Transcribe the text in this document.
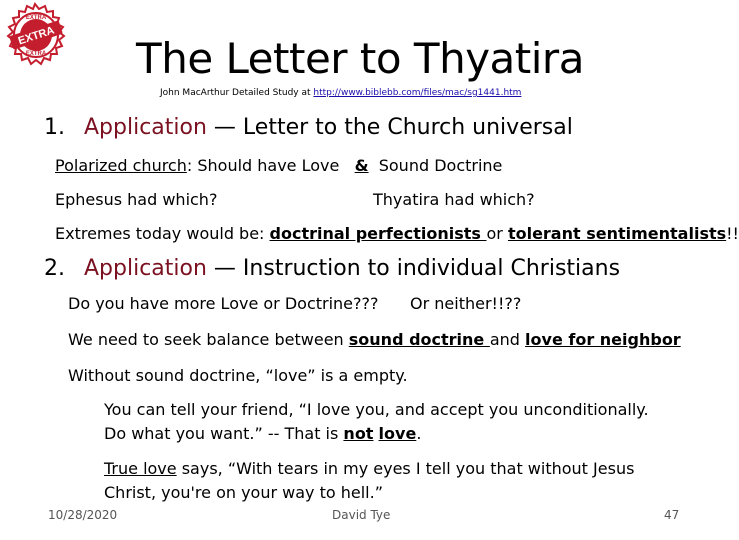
EXTRA
EXTRA
EXTRA	The Letter to Thyatira
John MacArthur Detailed Study at http://www.biblebb.com/files/mac/sg1441.htm
1. Application — Letter to the Church universal
Polarized church: Should have Love   &  Sound Doctrine
Ephesus had which?	Thyatira had which?
Extremes today would be: doctrinal perfectionists or tolerant sentimentalists!!
2. Application — Instruction to individual Christians
Do you have more Love or Doctrine??? Or neither!!??
We need to seek balance between sound doctrine and love for neighbor
Without sound doctrine, “love” is a empty.
You can tell your friend, “I love you, and accept you unconditionally.
Do what you want.” -- That is not love.
True love says, “With tears in my eyes I tell you that without Jesus
Christ, you're on your way to hell.”
10/28/2020	David Tye	47
